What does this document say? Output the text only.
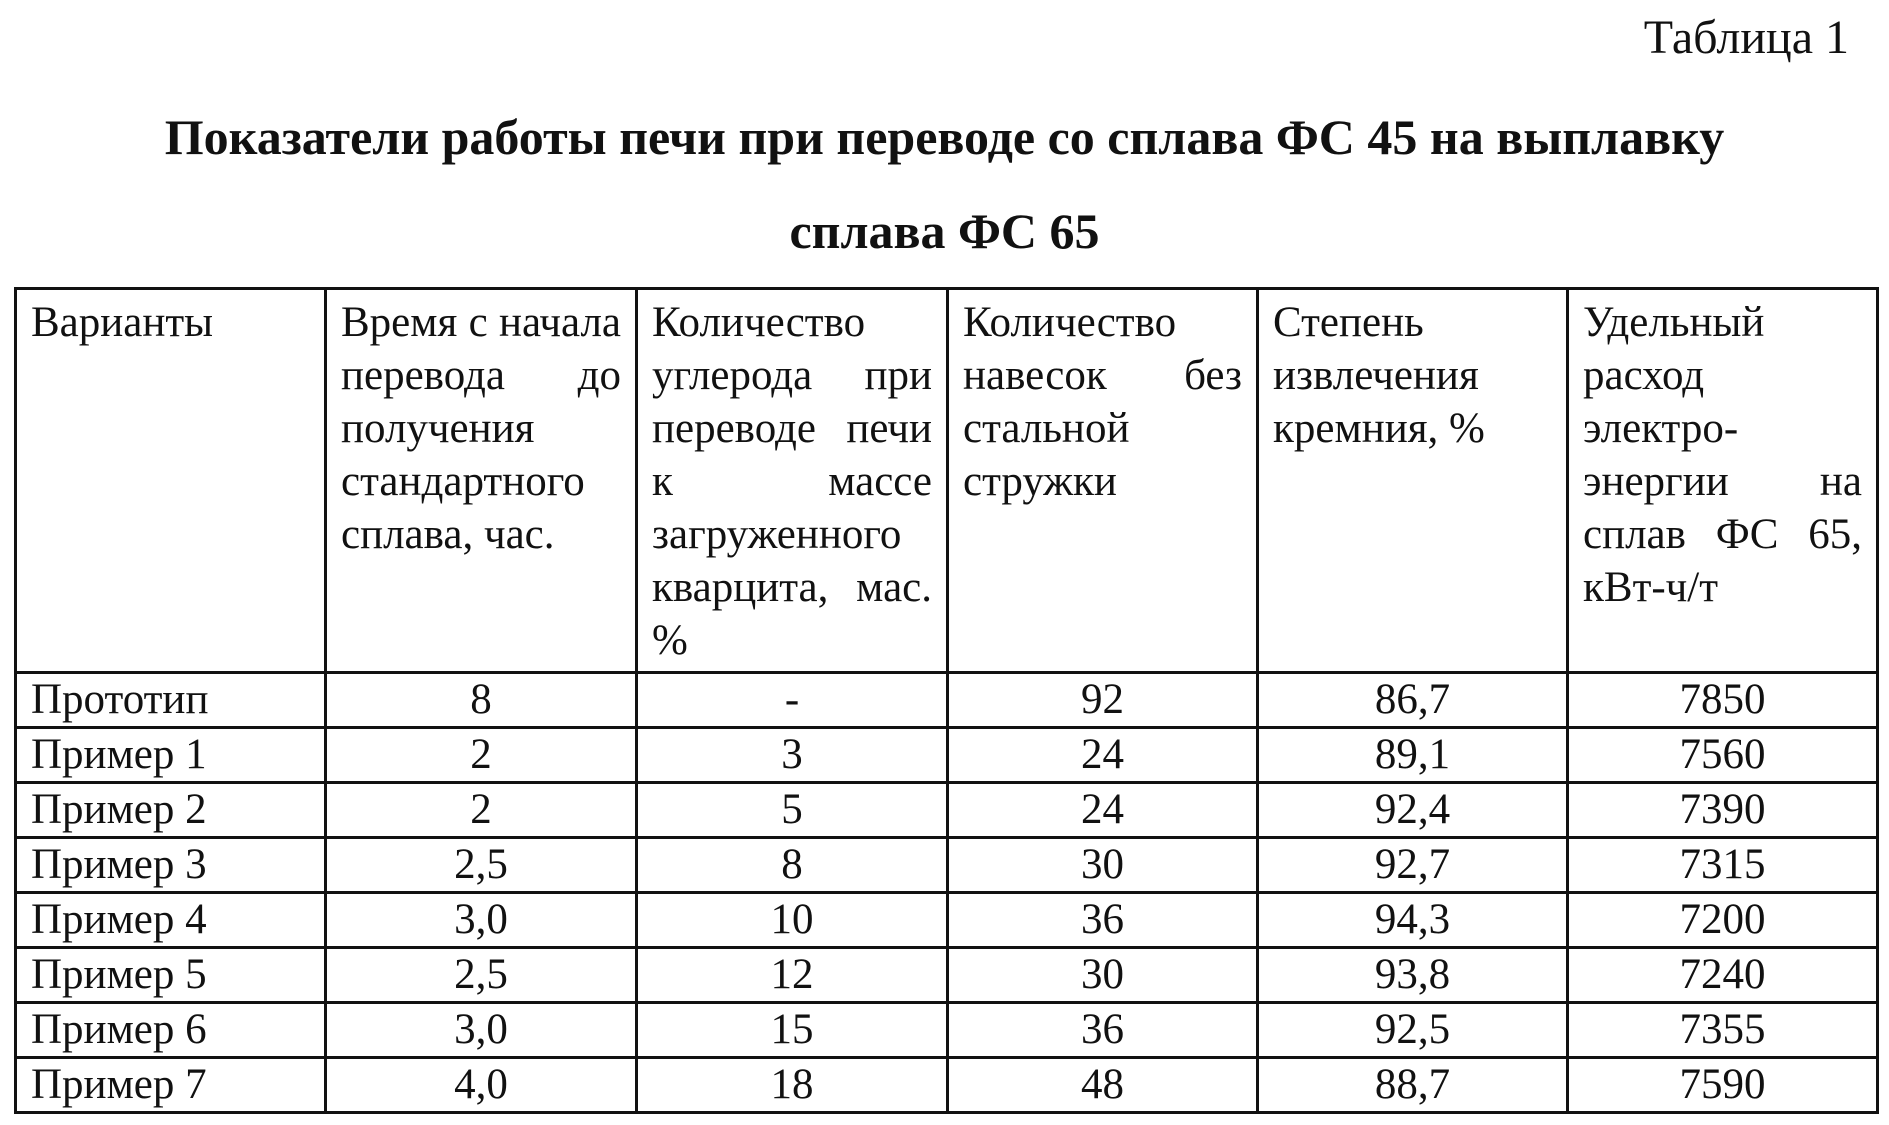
Таблица 1
Показатели работы печи при переводе со сплава ФС 45 на выплавку
сплава ФС 65
Варианты	Время с начала перевода до получения стандартного сплава, час.	Количество углерода при переводе печи к массе загруженного кварцита, мас. %	Количество навесок без стальной стружки	Степень извлечения кремния, %	Удельный расход электро-энергии на сплав ФС 65, кВт-ч/т
Прототип	8	-	92	86,7	7850
Пример 1	2	3	24	89,1	7560
Пример 2	2	5	24	92,4	7390
Пример 3	2,5	8	30	92,7	7315
Пример 4	3,0	10	36	94,3	7200
Пример 5	2,5	12	30	93,8	7240
Пример 6	3,0	15	36	92,5	7355
Пример 7	4,0	18	48	88,7	7590
